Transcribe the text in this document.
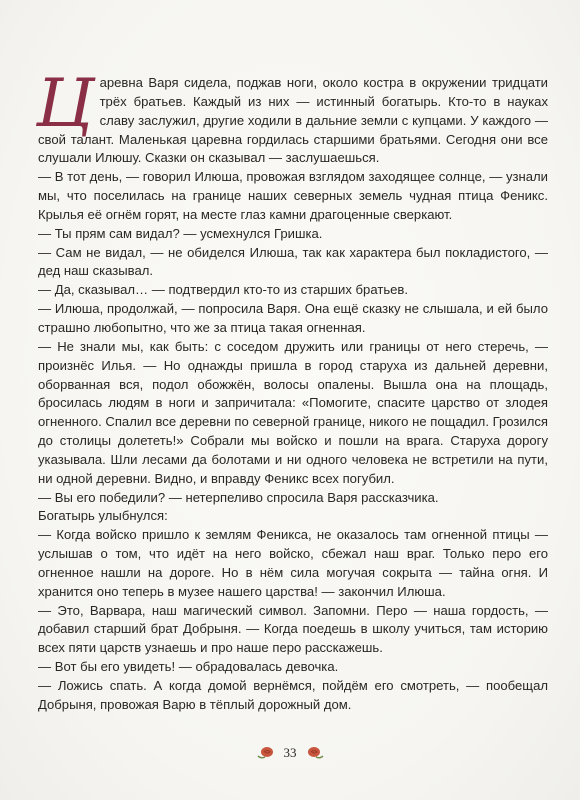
Царевна Варя сидела, поджав ноги, около костра в окружении тридцати трёх братьев. Каждый из них — истинный богатырь. Кто-то в науках славу заслужил, другие ходили в дальние земли с купцами. У каждого — свой талант. Маленькая царевна гордилась старшими братьями. Сегодня они все слушали Илюшу. Сказки он сказывал — заслушаешься.

— В тот день, — говорил Илюша, провожая взглядом заходящее солнце, — узнали мы, что поселилась на границе наших северных земель чудная птица Феникс. Крылья её огнём горят, на месте глаз камни драгоценные сверкают.

— Ты прям сам видал? — усмехнулся Гришка.

— Сам не видал, — не обиделся Илюша, так как характера был покладистого, — дед наш сказывал.

— Да, сказывал… — подтвердил кто-то из старших братьев.

— Илюша, продолжай, — попросила Варя. Она ещё сказку не слышала, и ей было страшно любопытно, что же за птица такая огненная.

— Не знали мы, как быть: с соседом дружить или границы от него стеречь, — произнёс Илья. — Но однажды пришла в город старуха из дальней деревни, оборванная вся, подол обожжён, волосы опалены. Вышла она на площадь, бросилась людям в ноги и запричитала: «Помогите, спасите царство от злодея огненного. Спалил все деревни по северной границе, никого не пощадил. Грозился до столицы долететь!» Собрали мы войско и пошли на врага. Старуха дорогу указывала. Шли лесами да болотами и ни одного человека не встретили на пути, ни одной деревни. Видно, и вправду Феникс всех погубил.

— Вы его победили? — нетерпеливо спросила Варя рассказчика.

Богатырь улыбнулся:

— Когда войско пришло к землям Феникса, не оказалось там огненной птицы — услышав о том, что идёт на него войско, сбежал наш враг. Только перо его огненное нашли на дороге. Но в нём сила могучая сокрыта — тайна огня. И хранится оно теперь в музее нашего царства! — закончил Илюша.

— Это, Варвара, наш магический символ. Запомни. Перо — наша гордость, — добавил старший брат Добрыня. — Когда поедешь в школу учиться, там историю всех пяти царств узнаешь и про наше перо расскажешь.

— Вот бы его увидеть! — обрадовалась девочка.

— Ложись спать. А когда домой вернёмся, пойдём его смотреть, — пообещал Добрыня, провожая Варю в тёплый дорожный дом.

33
